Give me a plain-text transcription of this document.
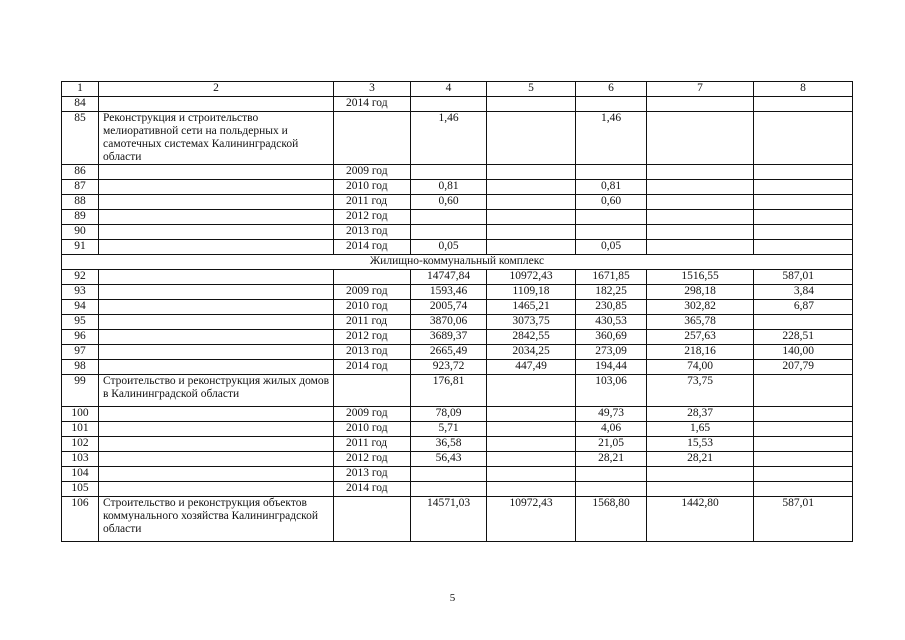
1	2	3	4	5	6	7	8
84		2014 год					
85	Реконструкция и строительство мелиоративной сети на польдерных и самотечных системах Калининградской области		1,46		1,46		
86		2009 год					
87		2010 год	0,81		0,81		
88		2011 год	0,60		0,60		
89		2012 год					
90		2013 год					
91		2014 год	0,05		0,05		
Жилищно-коммунальный комплекс							
92			14747,84	10972,43	1671,85	1516,55	587,01
93		2009 год	1593,46	1109,18	182,25	298,18	3,84
94		2010 год	2005,74	1465,21	230,85	302,82	6,87
95		2011 год	3870,06	3073,75	430,53	365,78	
96		2012 год	3689,37	2842,55	360,69	257,63	228,51
97		2013 год	2665,49	2034,25	273,09	218,16	140,00
98		2014 год	923,72	447,49	194,44	74,00	207,79
99	Строительство и реконструкция жилых домов в Калининградской области		176,81		103,06	73,75	
100		2009 год	78,09		49,73	28,37	
101		2010 год	5,71		4,06	1,65	
102		2011 год	36,58		21,05	15,53	
103		2012 год	56,43		28,21	28,21	
104		2013 год					
105		2014 год					
106	Строительство и реконструкция объектов коммунального хозяйства Калининградской области		14571,03	10972,43	1568,80	1442,80	587,01
5
